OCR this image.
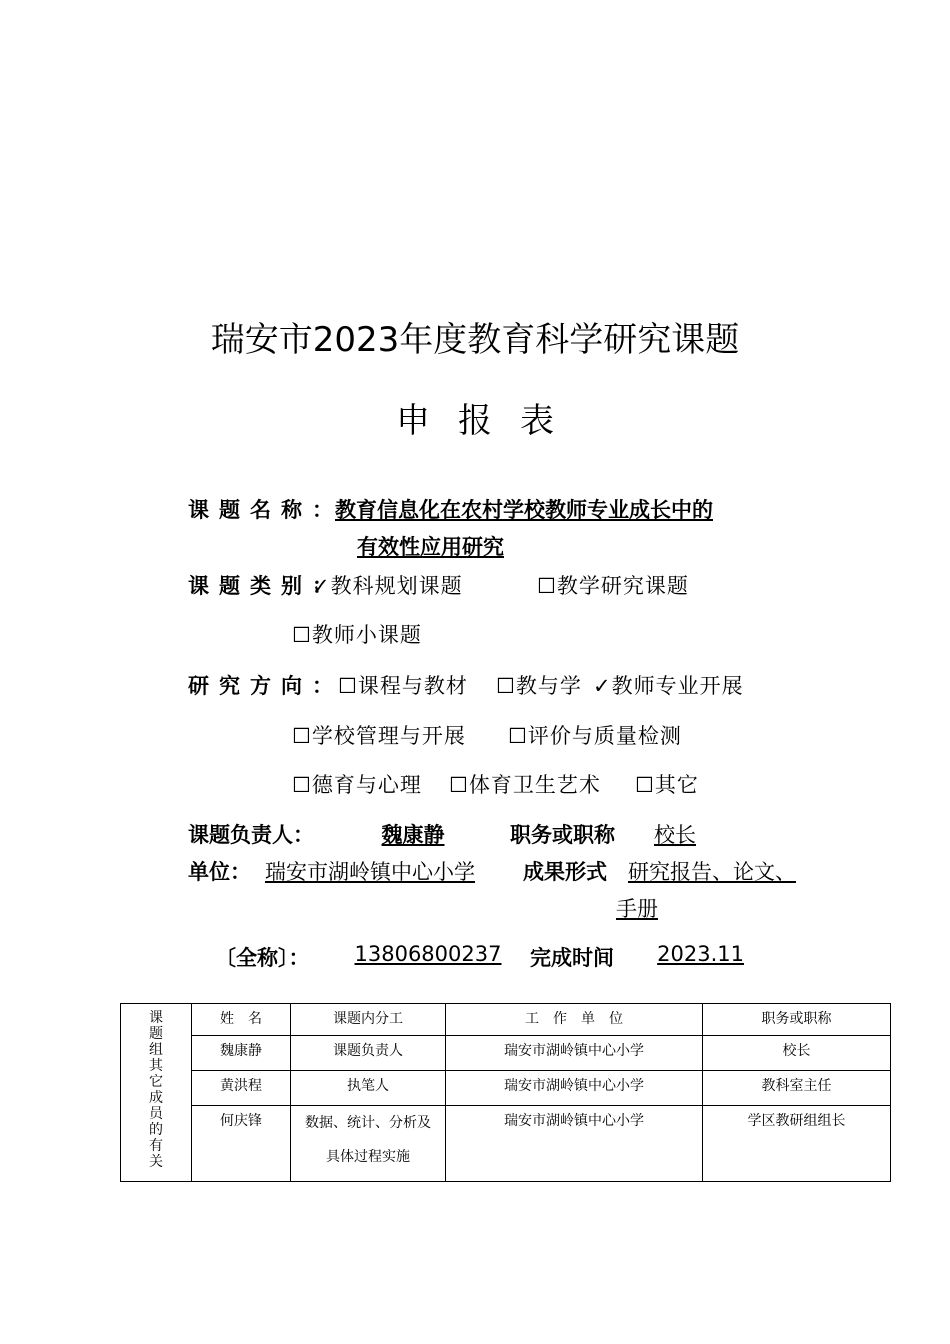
瑞安市2023年度教育科学研究课题
申报表
课题名称：
教育信息化在农村学校教师专业成长中的
有效性应用研究
课题类别：
✓教科规划课题	☐教学研究课题
☐教师小课题
研究方向：
☐课程与教材 ☐教与学 ✓教师专业开展
☐学校管理与开展 ☐评价与质量检测
☐德育与心理 ☐体育卫生艺术 ☐其它
课题负责人：	魏康静	职务或职称	校长
单位： 瑞安市湖岭镇中心小学 成果形式 研究报告、论文、
手册
〔全称〕：	13806800237	完成时间	2023.11
课题组其它成员的有关	姓　名	课题内分工	工　作　单　位	职务或职称
	魏康静	课题负责人	瑞安市湖岭镇中心小学	校长
	黄洪程	执笔人	瑞安市湖岭镇中心小学	教科室主任
	何庆锋	数据、统计、分析及具体过程实施	瑞安市湖岭镇中心小学	学区教研组组长
